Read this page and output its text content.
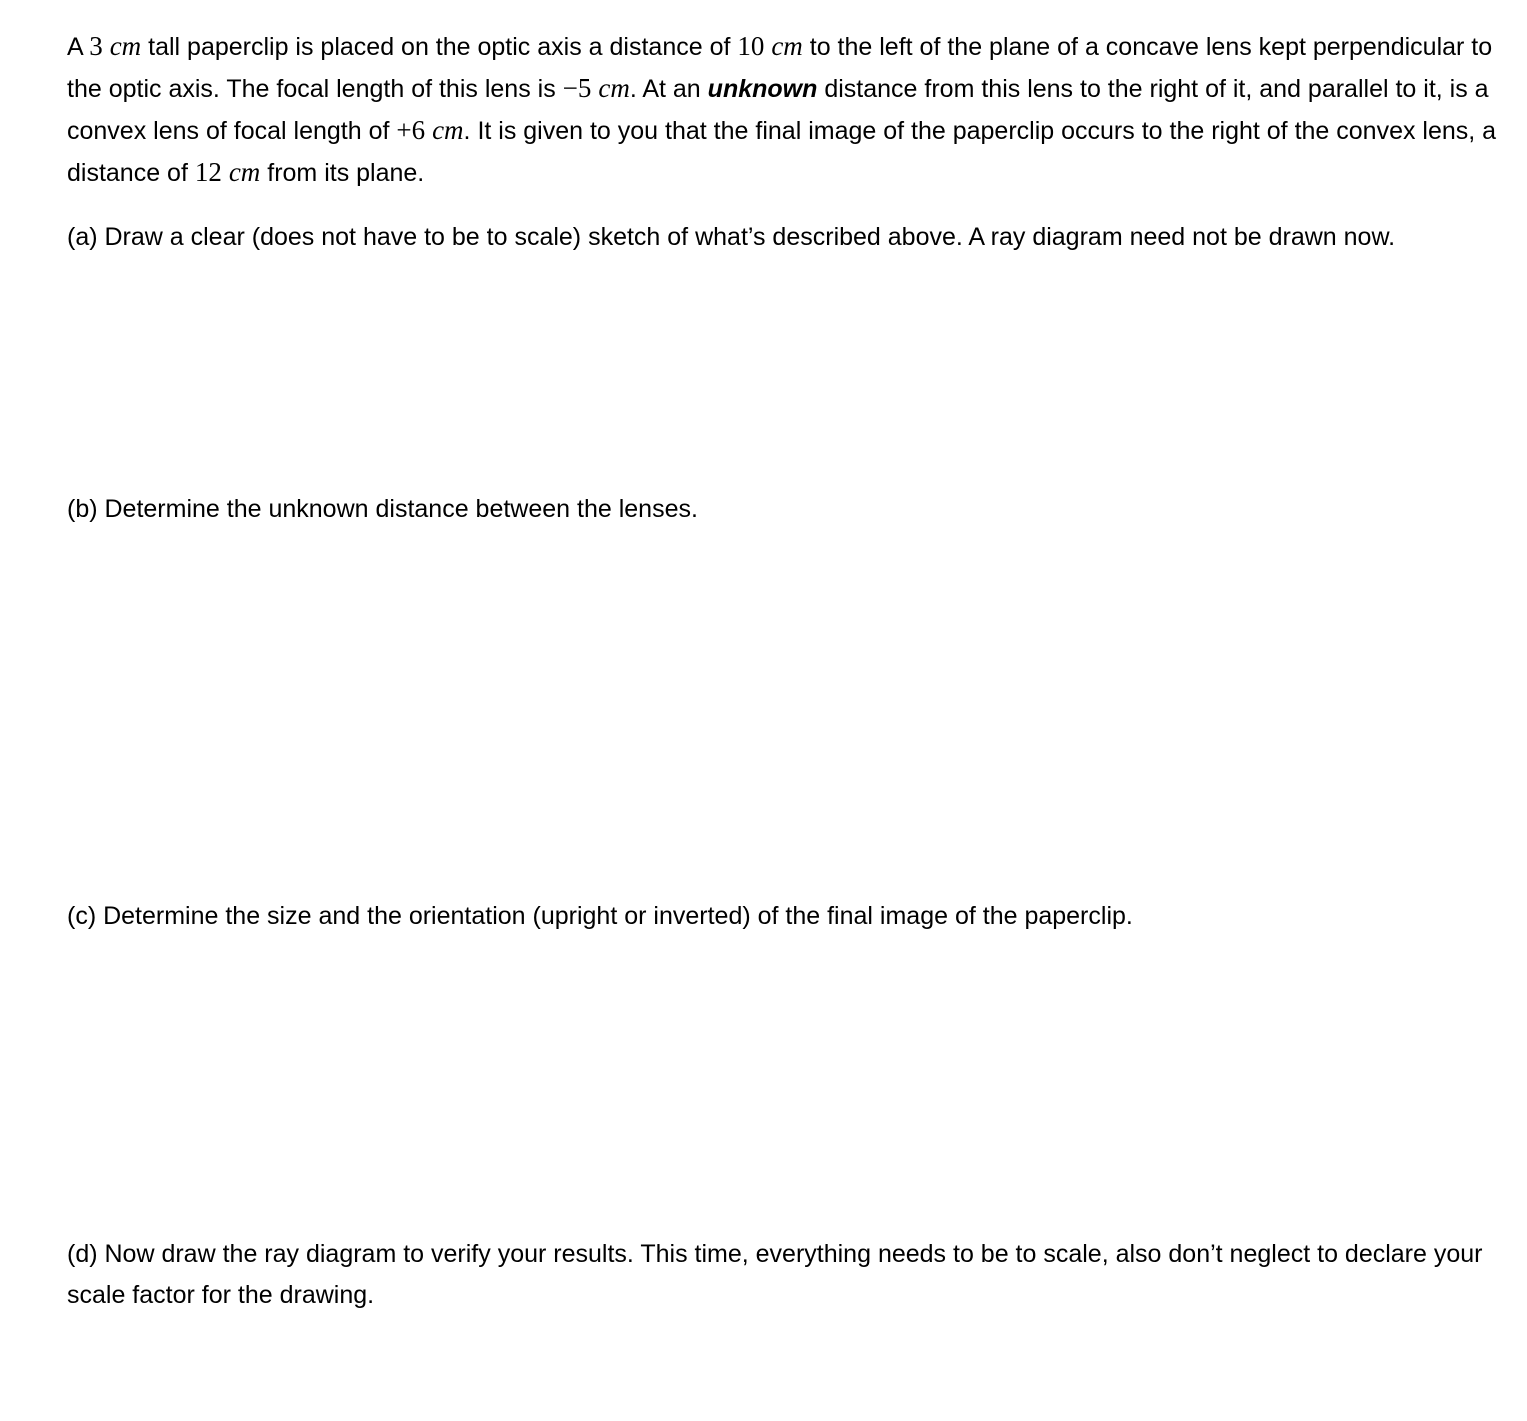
A 3 cm tall paperclip is placed on the optic axis a distance of 10 cm to the left of the plane of a concave lens kept perpendicular to the optic axis. The focal length of this lens is −5 cm. At an unknown distance from this lens to the right of it, and parallel to it, is a convex lens of focal length of +6 cm. It is given to you that the final image of the paperclip occurs to the right of the convex lens, a distance of 12 cm from its plane.

(a) Draw a clear (does not have to be to scale) sketch of what’s described above. A ray diagram need not be drawn now.

(b) Determine the unknown distance between the lenses.

(c) Determine the size and the orientation (upright or inverted) of the final image of the paperclip.

(d) Now draw the ray diagram to verify your results. This time, everything needs to be to scale, also don’t neglect to declare your scale factor for the drawing.
